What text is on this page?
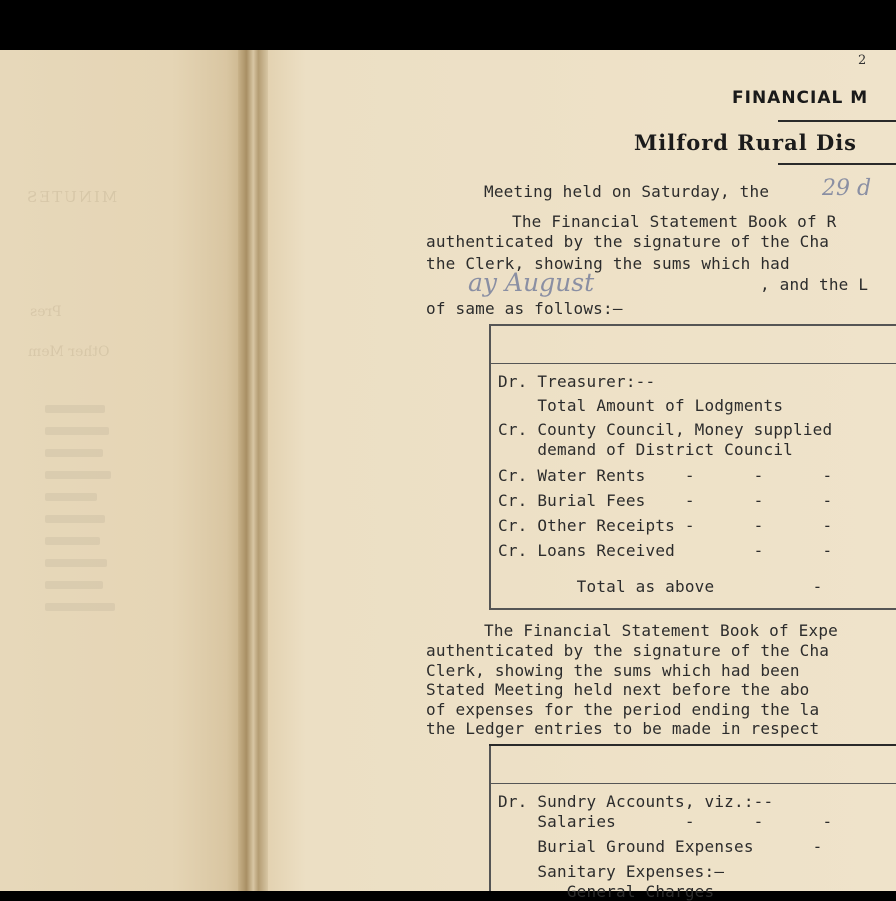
MINUTES
Pres
Other Mem
2
FINANCIAL M
Milford Rural Dis
Meeting held on Saturday, the 29 d
The Financial Statement Book of R
authenticated by the signature of the Cha
the Clerk, showing the sums which had
ay August	, and the L
of same as follows:—
Dr. Treasurer:--
Total Amount of Lodgments
Cr. County Council, Money supplied
demand of District Council
Cr. Water Rents    -      -      -
Cr. Burial Fees    -      -      -
Cr. Other Receipts -      -      -
Cr. Loans Received        -      -
Total as above          -
The Financial Statement Book of Expe
authenticated by the signature of the Cha
Clerk, showing the sums which had been
Stated Meeting held next before the abo
of expenses for the period ending the la
the Ledger entries to be made in respect
Dr. Sundry Accounts, viz.:--
Salaries       -      -      -
Burial Ground Expenses      -
Sanitary Expenses:—
General Charges
